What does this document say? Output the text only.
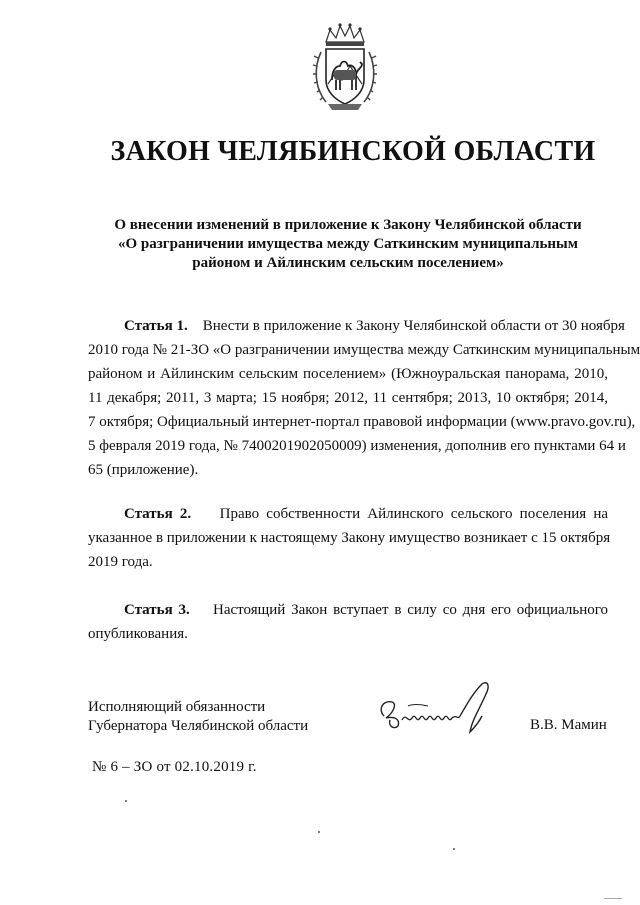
ЗАКОН ЧЕЛЯБИНСКОЙ ОБЛАСТИ
О внесении изменений в приложение к Закону Челябинской области
«О разграничении имущества между Саткинским муниципальным
районом и Айлинским сельским поселением»
Статья 1. Внести в приложение к Закону Челябинской области от 30 ноября
2010 года № 21-ЗО «О разграничении имущества между Саткинским муниципальным
районом и Айлинским сельским поселением» (Южноуральская панорама, 2010,
11 декабря; 2011, 3 марта; 15 ноября; 2012, 11 сентября; 2013, 10 октября; 2014,
7 октября; Официальный интернет-портал правовой информации (www.pravo.gov.ru),
5 февраля 2019 года, № 7400201902050009) изменения, дополнив его пунктами 64 и
65 (приложение).
Статья 2. Право собственности Айлинского сельского поселения на
указанное в приложении к настоящему Закону имущество возникает с 15 октября
2019 года.
Статья 3. Настоящий Закон вступает в силу со дня его официального
опубликования.
Исполняющий обязанности
Губернатора Челябинской области	В.В. Мамин
№ 6 – ЗО от 02.10.2019 г.
